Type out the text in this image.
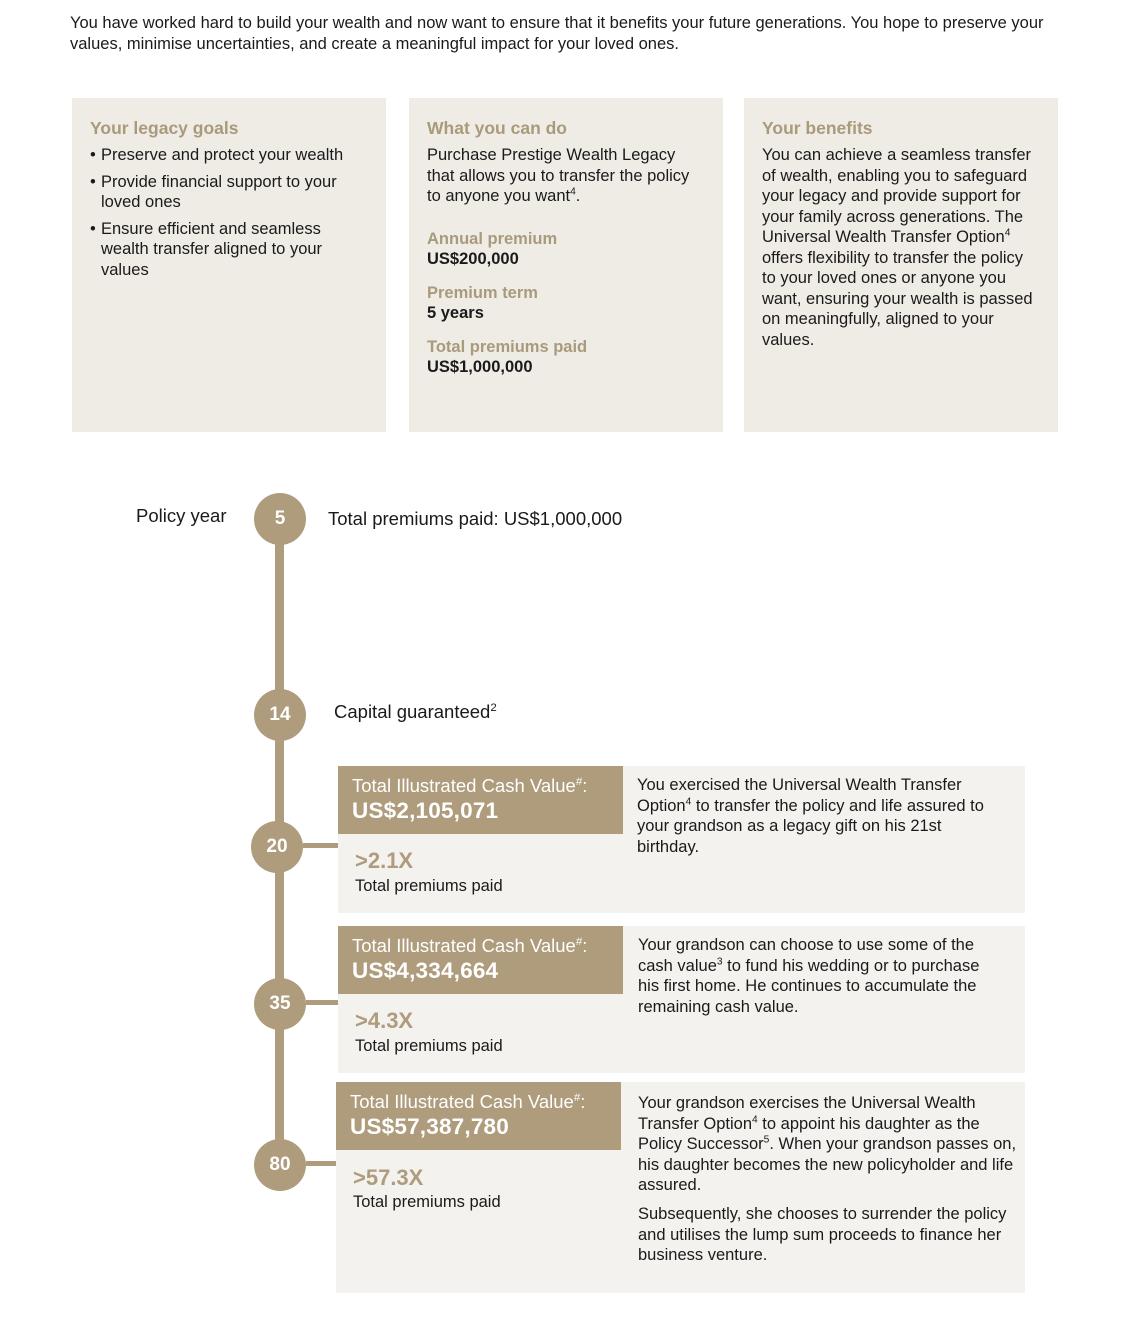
You have worked hard to build your wealth and now want to ensure that it benefits your future generations. You hope to preserve your values, minimise uncertainties, and create a meaningful impact for your loved ones.

Your legacy goals
• Preserve and protect your wealth
• Provide financial support to your loved ones
• Ensure efficient and seamless wealth transfer aligned to your values
What you can do

Purchase Prestige Wealth Legacy that allows you to transfer the policy to anyone you want$^4$.

Annual premium
US$200,000
Premium term
5 years
Total premiums paid
US$1,000,000
Your benefits

You can achieve a seamless transfer of wealth, enabling you to safeguard your legacy and provide support for your family across generations. The Universal Wealth Transfer Option$^4$ offers flexibility to transfer the policy to your loved ones or anyone you want, ensuring your wealth is passed on meaningfully, aligned to your values.

Policy year	5	Total premiums paid: US$1,000,000
14	Capital guaranteed$^2$
20
Total Illustrated Cash Value#:
US$2,105,071
>2.1X
Total premiums paid

You exercised the Universal Wealth Transfer Option$^4$ to transfer the policy and life assured to your grandson as a legacy gift on his 21st birthday.

35
Total Illustrated Cash Value#:
US$4,334,664
>4.3X
Total premiums paid

Your grandson can choose to use some of the cash value$^3$ to fund his wedding or to purchase his first home. He continues to accumulate the remaining cash value.

80
Total Illustrated Cash Value#:
US$57,387,780
>57.3X
Total premiums paid

Your grandson exercises the Universal Wealth Transfer Option$^4$ to appoint his daughter as the Policy Successor$^5$. When your grandson passes on, his daughter becomes the new policyholder and life assured.

Subsequently, she chooses to surrender the policy and utilises the lump sum proceeds to finance her business venture.
